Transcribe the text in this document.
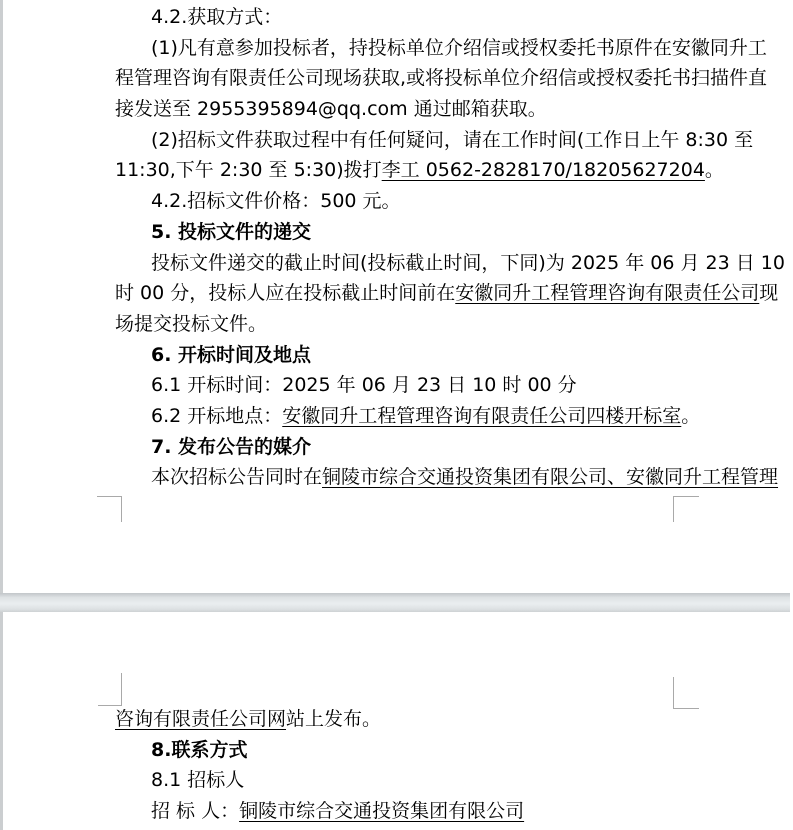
4.2.获取方式：
(1)凡有意参加投标者，持投标单位介绍信或授权委托书原件在安徽同升工
程管理咨询有限责任公司现场获取,或将投标单位介绍信或授权委托书扫描件直
接发送至 2955395894@qq.com 通过邮箱获取。
(2)招标文件获取过程中有任何疑问，请在工作时间(工作日上午 8:30 至
11:30,下午 2:30 至 5:30)拨打李工 0562-2828170/18205627204。
4.2.招标文件价格：500 元。
5. 投标文件的递交
投标文件递交的截止时间(投标截止时间，下同)为 2025 年 06 月 23 日 10
时 00 分，投标人应在投标截止时间前在安徽同升工程管理咨询有限责任公司现
场提交投标文件。
6. 开标时间及地点
6.1 开标时间：2025 年 06 月 23 日 10 时 00 分
6.2 开标地点：安徽同升工程管理咨询有限责任公司四楼开标室。
7. 发布公告的媒介
本次招标公告同时在铜陵市综合交通投资集团有限公司、安徽同升工程管理
咨询有限责任公司网站上发布。
8.联系方式
8.1 招标人
招 标 人：铜陵市综合交通投资集团有限公司
